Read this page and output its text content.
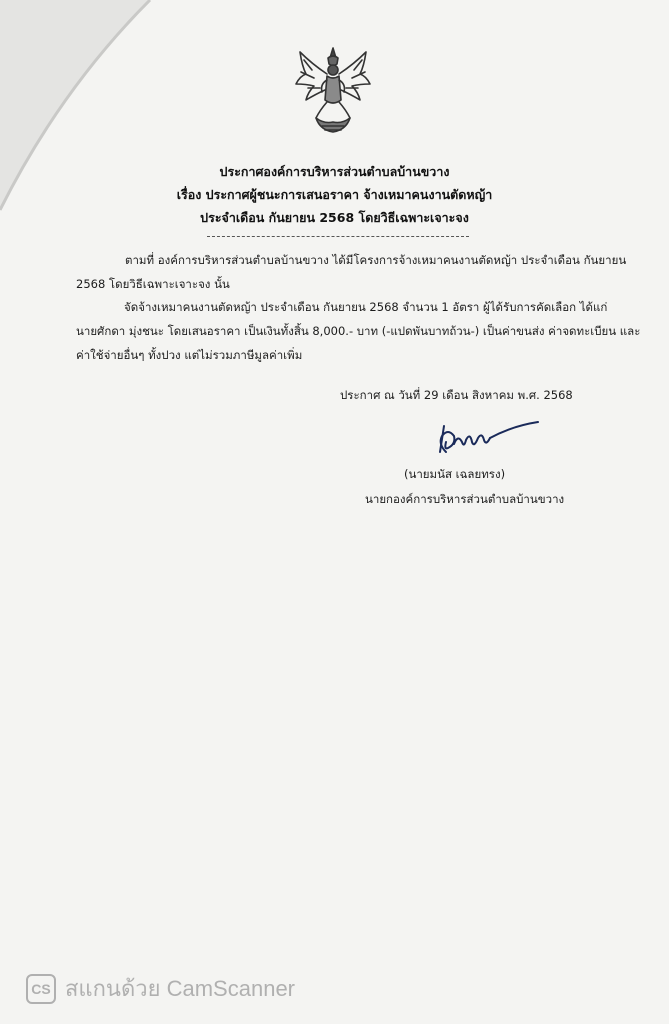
ประกาศองค์การบริหารส่วนตำบลบ้านขวาง
เรื่อง ประกาศผู้ชนะการเสนอราคา จ้างเหมาคนงานตัดหญ้า
ประจำเดือน กันยายน 2568 โดยวิธีเฉพาะเจาะจง
ตามที่ องค์การบริหารส่วนตำบลบ้านขวาง ได้มีโครงการจ้างเหมาคนงานตัดหญ้า ประจำเดือน กันยายน
2568 โดยวิธีเฉพาะเจาะจง นั้น
จัดจ้างเหมาคนงานตัดหญ้า ประจำเดือน กันยายน 2568 จำนวน 1 อัตรา ผู้ได้รับการคัดเลือก ได้แก่
นายศักดา มุ่งชนะ โดยเสนอราคา เป็นเงินทั้งสิ้น 8,000.- บาท (-แปดพันบาทถ้วน-) เป็นค่าขนส่ง ค่าจดทะเบียน และ
ค่าใช้จ่ายอื่นๆ ทั้งปวง แต่ไม่รวมภาษีมูลค่าเพิ่ม
ประกาศ ณ วันที่ 29 เดือน สิงหาคม พ.ศ. 2568
(นายมนัส เฉลยทรง)
นายกองค์การบริหารส่วนตำบลบ้านขวาง
CS สแกนด้วย CamScanner
